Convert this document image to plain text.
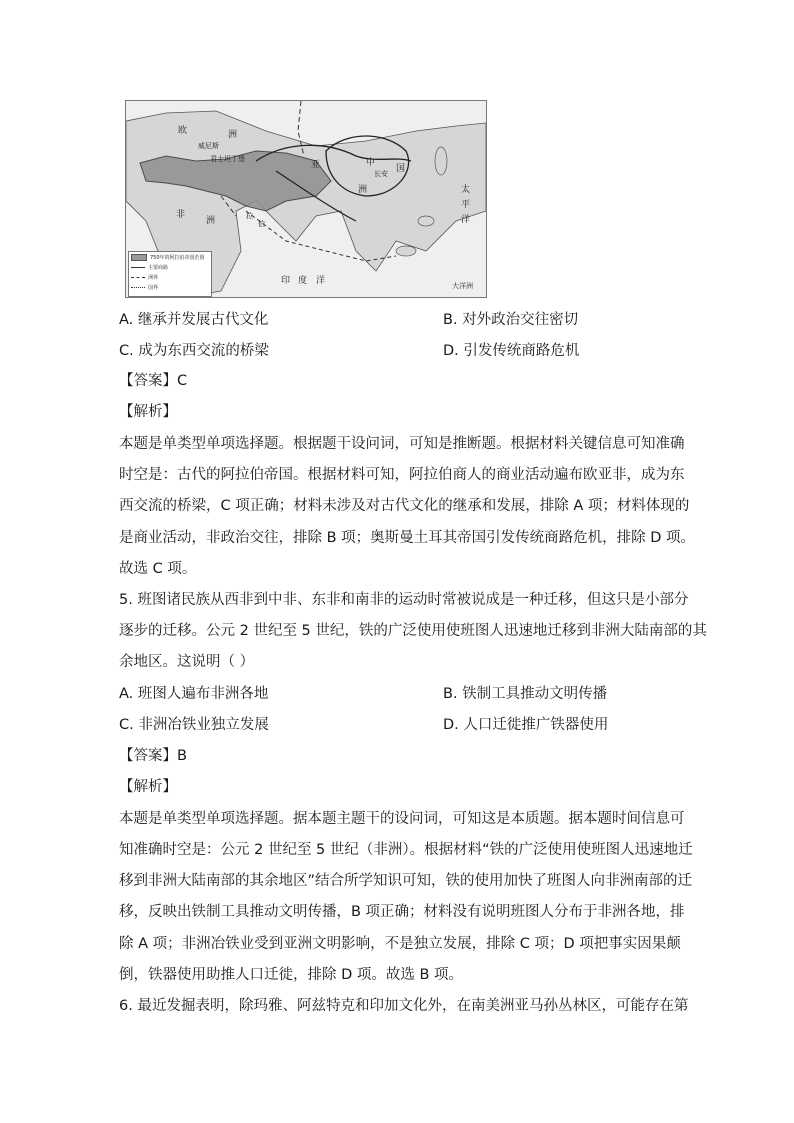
欧	洲
威尼斯
君士坦丁堡
亚	中
国
长安
洲
非
洲	拉
伯
印 度 洋
太
平
洋
大洋洲
750年的阿拉伯帝国范围
主要商路
洲界
国界
A. 继承并发展古代文化	B. 对外政治交往密切
C. 成为东西交流的桥梁	D. 引发传统商路危机
【答案】C
【解析】
本题是单类型单项选择题。根据题干设问词，可知是推断题。根据材料关键信息可知准确
时空是：古代的阿拉伯帝国。根据材料可知，阿拉伯商人的商业活动遍布欧亚非，成为东
西交流的桥梁，C 项正确；材料未涉及对古代文化的继承和发展，排除 A 项；材料体现的
是商业活动，非政治交往，排除 B 项；奥斯曼土耳其帝国引发传统商路危机，排除 D 项。
故选 C 项。
5. 班图诸民族从西非到中非、东非和南非的运动时常被说成是一种迁移，但这只是小部分
逐步的迁移。公元 2 世纪至 5 世纪，铁的广泛使用使班图人迅速地迁移到非洲大陆南部的其
余地区。这说明（ ）
A. 班图人遍布非洲各地	B. 铁制工具推动文明传播
C. 非洲冶铁业独立发展	D. 人口迁徙推广铁器使用
【答案】B
【解析】
本题是单类型单项选择题。据本题主题干的设问词，可知这是本质题。据本题时间信息可
知准确时空是：公元 2 世纪至 5 世纪（非洲）。根据材料“铁的广泛使用使班图人迅速地迁
移到非洲大陆南部的其余地区”结合所学知识可知，铁的使用加快了班图人向非洲南部的迁
移，反映出铁制工具推动文明传播，B 项正确；材料没有说明班图人分布于非洲各地，排
除 A 项；非洲冶铁业受到亚洲文明影响，不是独立发展，排除 C 项；D 项把事实因果颠
倒，铁器使用助推人口迁徙，排除 D 项。故选 B 项。
6. 最近发掘表明，除玛雅、阿兹特克和印加文化外，在南美洲亚马孙丛林区，可能存在第
